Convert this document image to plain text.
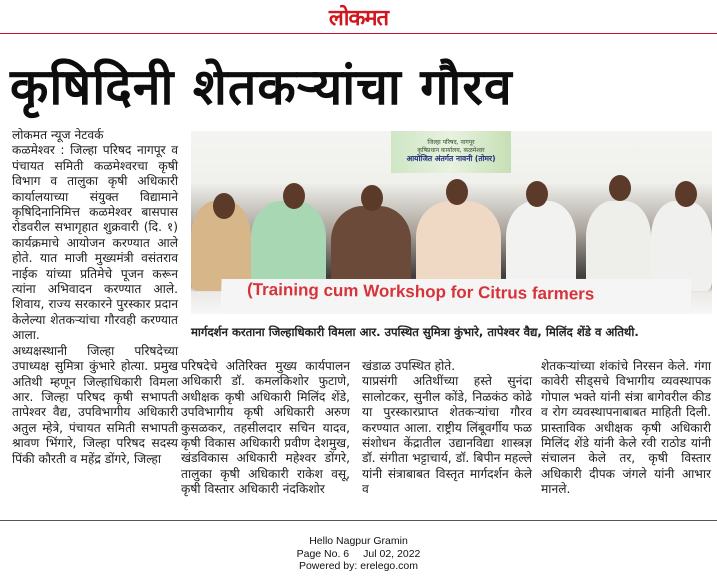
लोकमत
कृषिदिनी शेतकऱ्यांचा गौरव
लोकमत न्यूज नेटवर्क

कळमेश्वर : जिल्हा परिषद नागपूर व पंचायत समिती कळमेश्वरचा कृषी विभाग व तालुका कृषी अधिकारी कार्यालयाच्या संयुक्त विद्यामाने कृषिदिनानिमित्त कळमेश्वर बासपास रोडवरील सभागृहात शुक्रवारी (दि. १) कार्यक्रमाचे आयोजन करण्यात आले होते. यात माजी मुख्यमंत्री वसंतराव नाईक यांच्या प्रतिमेचे पूजन करून त्यांना अभिवादन करण्यात आले. शिवाय, राज्य सरकारने पुरस्कार प्रदान केलेल्या शेतकऱ्यांचा गौरवही करण्यात आला.

अध्यक्षस्थानी जिल्हा परिषदेच्या उपाध्यक्ष सुमित्रा कुंभारे होत्या. प्रमुख अतिथी म्हणून जिल्हाधिकारी विमला आर. जिल्हा परिषद कृषी सभापती तापेश्वर वैद्य, उपविभागीय अधिकारी अतुल म्हेत्रे, पंचायत समिती सभापती श्रावण भिंगारे, जिल्हा परिषद सदस्य पिंकी कौरती व महेंद्र डोंगरे, जिल्हा

जिल्हा परिषद, नागपूर
कृषिप्रधान कार्यालय, कळमेश्वर
आयोजित अंतर्गत नावनी (तोमर)
(Training cum Workshop for Citrus farmers
मार्गदर्शन करताना जिल्हाधिकारी विमला आर. उपस्थित सुमित्रा कुंभारे, तापेश्वर वैद्य, मिलिंद शेंडे व अतिथी.

परिषदेचे अतिरिक्त मुख्य कार्यपालन अधिकारी डॉ. कमलकिशोर फुटाणे, अधीक्षक कृषी अधिकारी मिलिंद शेंडे, उपविभागीय कृषी अधिकारी अरुण कुसळकर, तहसीलदार सचिन यादव, कृषी विकास अधिकारी प्रवीण देशमुख, खंडविकास अधिकारी महेश्वर डोंगरे, तालुका कृषी अधिकारी राकेश वसू, कृषी विस्तार अधिकारी नंदकिशोर

खंडाळ उपस्थित होते.

याप्रसंगी अतिथींच्या हस्ते सुनंदा सालोटकर, सुनील कोंडे, निळकंठ कोढे या पुरस्कारप्राप्त शेतकऱ्यांचा गौरव करण्यात आला. राष्ट्रीय लिंबूवर्गीय फळ संशोधन केंद्रातील उद्यानविद्या शास्त्रज्ञ डॉ. संगीता भट्टाचार्य, डॉ. बिपीन महल्ले यांनी संत्राबाबत विस्तृत मार्गदर्शन केले व

शेतकऱ्यांच्या शंकांचे निरसन केले. गंगा कावेरी सीड्सचे विभागीय व्यवस्थापक गोपाल भक्ते यांनी संत्रा बागेवरील कीड व रोग व्यवस्थापनाबाबत माहिती दिली. प्रास्ताविक अधीक्षक कृषी अधिकारी मिलिंद शेंडे यांनी केले रवी राठोड यांनी संचालन केले तर, कृषी विस्तार अधिकारी दीपक जंगले यांनी आभार मानले.

Hello Nagpur Gramin
Page No. 6 Jul 02, 2022
Powered by: erelego.com
